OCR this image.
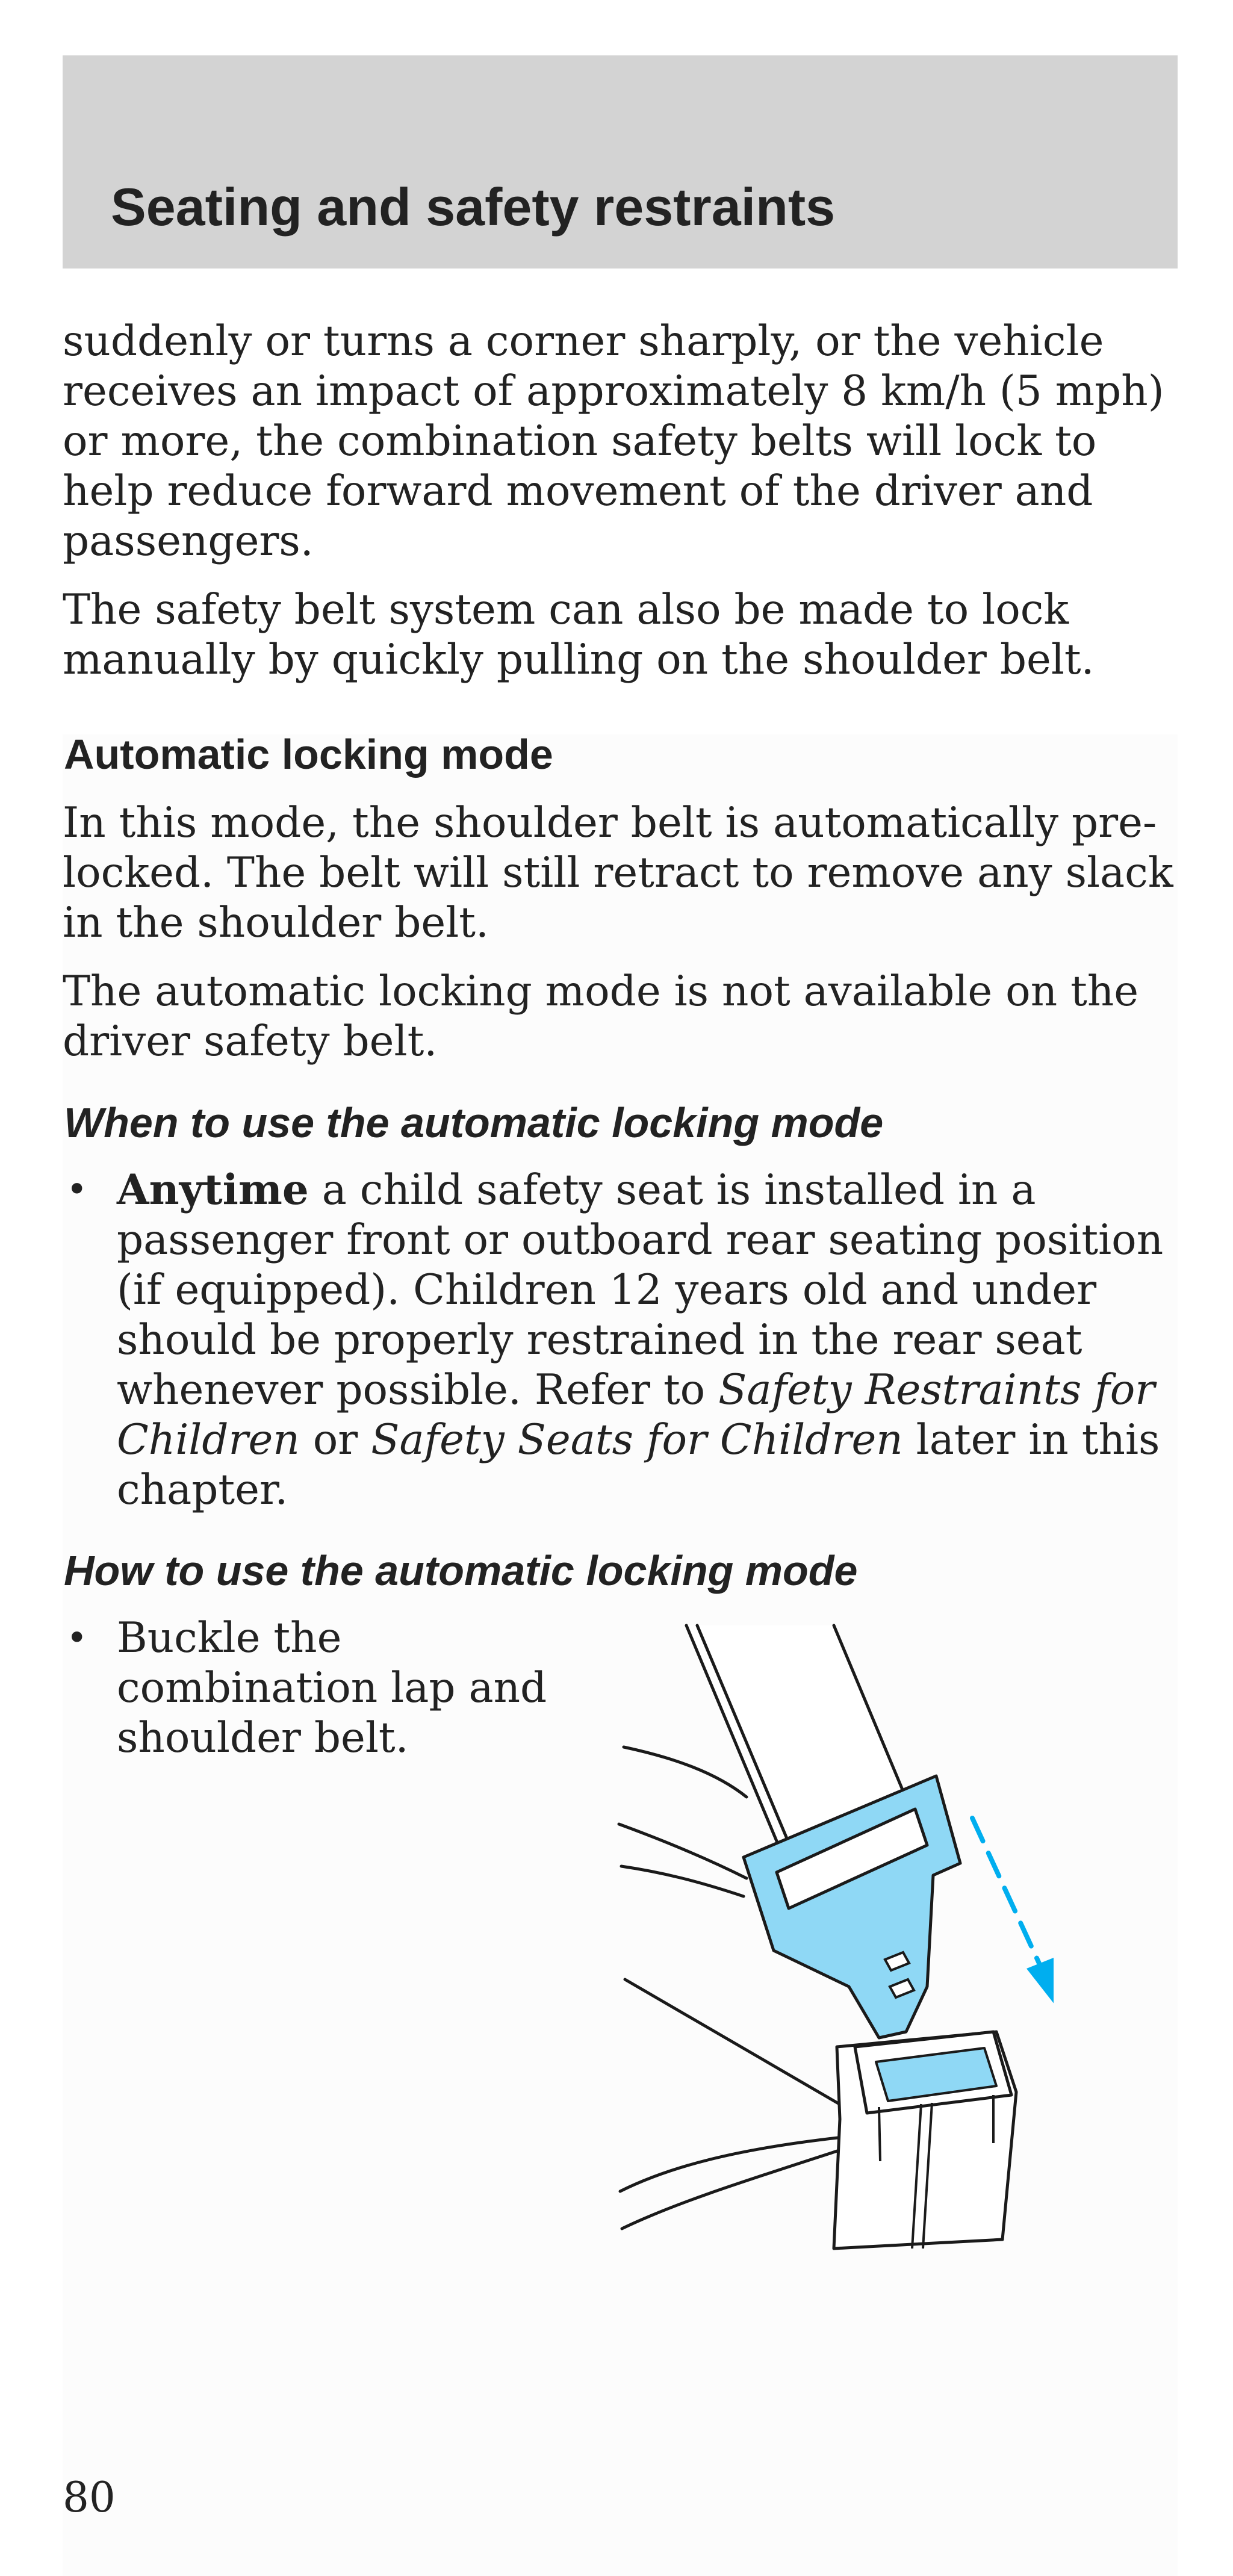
Seating and safety restraints

suddenly or turns a corner sharply, or the vehicle receives an impact of approximately 8 km/h (5 mph) or more, the combination safety belts will lock to help reduce forward movement of the driver and passengers.

The safety belt system can also be made to lock manually by quickly pulling on the shoulder belt.

Automatic locking mode

In this mode, the shoulder belt is automatically pre-locked. The belt will still retract to remove any slack in the shoulder belt.

The automatic locking mode is not available on the driver safety belt.

When to use the automatic locking mode
• Anytime a child safety seat is installed in a passenger front or outboard rear seating position (if equipped). Children 12 years old and under should be properly restrained in the rear seat whenever possible. Refer to Safety Restraints for Children or Safety Seats for Children later in this chapter.

How to use the automatic locking mode
• Buckle the combination lap and shoulder belt.

80
